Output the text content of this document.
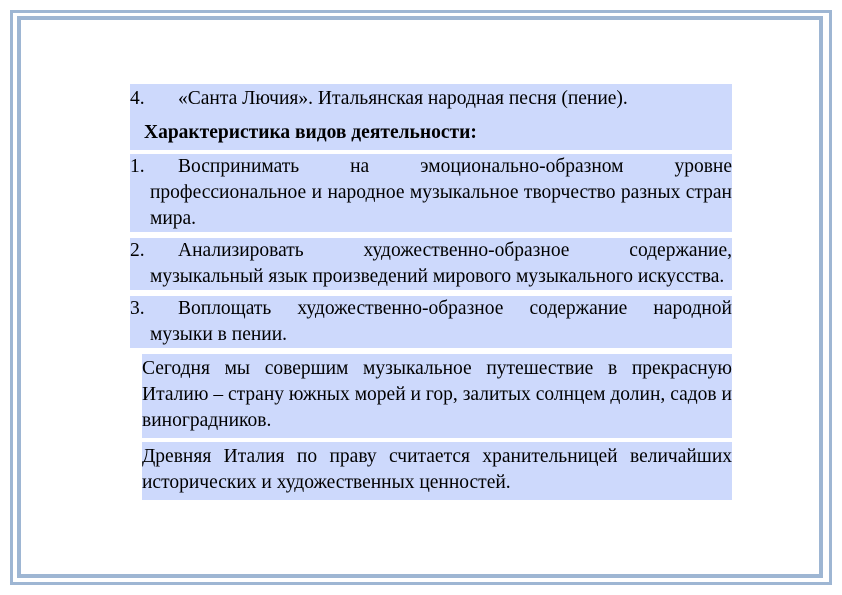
4. «Санта Лючия». Итальянская народная песня (пение).
Характеристика видов деятельности:
1. Воспринимать на эмоционально-образном уровне профессиональное и народное музыкальное творчество разных стран мира.
2. Анализировать художественно-образное содержание, музыкальный язык произведений мирового музыкального искусства.
3. Воплощать художественно-образное содержание народной музыки в пении.
Сегодня мы совершим музыкальное путешествие в прекрасную Италию – страну южных морей и гор, залитых солнцем долин, садов и виноградников.
Древняя Италия по праву считается хранительницей величайших исторических и художественных ценностей.
